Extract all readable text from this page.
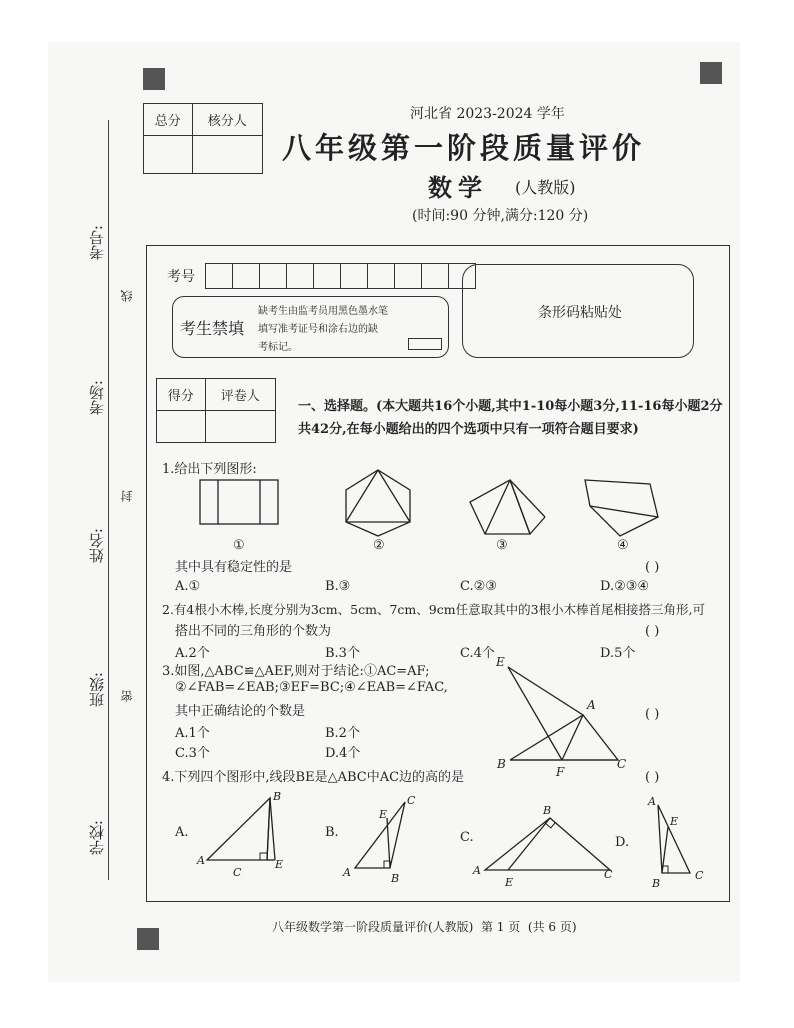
考号:
线
考场:
姓名:
封
班级: 密
学校:
总分	核分人
		河北省 2023-2024 学年
八年级第一阶段质量评价
数学 (人教版)
(时间:90 分钟,满分:120 分)
考号
考生禁填
缺考生由监考员用黑色墨水笔
填写准考证号和涂右边的缺
考标记。
条形码粘贴处
得分	评卷人

一、选择题。(本大题共16个小题,其中1-10每小题3分,11-16每小题2分
共42分,在每小题给出的四个选项中只有一项符合题目要求)
1.给出下列图形:
①	②	③	④
其中具有稳定性的是	( )
A.①	B.③	C.②③	D.②③④
2.有4根小木棒,长度分别为3cm、5cm、7cm、9cm任意取其中的3根小木棒首尾相接搭三角形,可
搭出不同的三角形的个数为	( )
A.2个	B.3个	C.4个	D.5个
3.如图,△ABC≌△AEF,则对于结论:①AC=AF;
②∠FAB=∠EAB;③EF=BC;④∠EAB=∠FAC,
其中正确结论的个数是
A.1个	B.2个
C.3个	D.4个
( )
E
A
B
F
C
4.下列四个图形中,线段BE是△ABC中AC边的高的是	( )
A.	B.	C.	D.
B
A
C
E
C
E
A	B
B
A
E
C
A
E
B
C
八年级数学第一阶段质量评价(人教版)  第 1 页  (共 6 页)
